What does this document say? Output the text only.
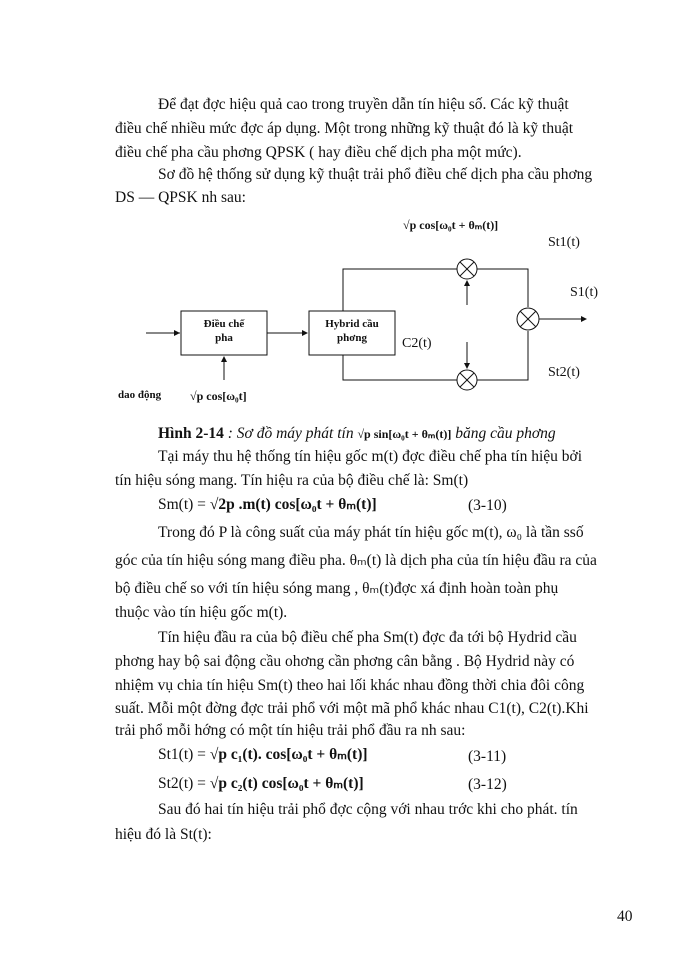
Để đạt đợc hiệu quả cao trong truyền dẫn tín hiệu số. Các kỹ thuật
điều chế nhiều mức đợc áp dụng. Một trong những kỹ thuật đó là kỹ thuật
điều chế pha cầu phơng QPSK ( hay điều chế dịch pha một mức).
Sơ đồ hệ thống sử dụng kỹ thuật trải phổ điều chế dịch pha cầu phơng
DS — QPSK nh sau:
√p cos[ω₀t + θₘ(t)]
Điều chế
pha
dao động √p cos[ω₀t]
Hybrid cầu
phơng	C2(t)
St1(t)
S1(t)
St2(t)
Hình 2-14 : Sơ đồ máy phát tín √p sin[ω₀t + θₘ(t)] băng cầu phơng
Tại máy thu hệ thống tín hiệu gốc m(t) đợc điều chế pha tín hiệu bởi
tín hiệu sóng mang. Tín hiệu ra của bộ điều chế là: Sm(t)
Sm(t) = √2p .m(t) cos[ω₀t + θₘ(t)]	(3-10)
Trong đó P là công suất của máy phát tín hiệu gốc m(t), ω₀ là tần ssố
góc của tín hiệu sóng mang điều pha. θₘ(t) là dịch pha của tín hiệu đầu ra của
bộ điều chế so với tín hiệu sóng mang , θₘ(t)đợc xá định hoàn toàn phụ
thuộc vào tín hiệu gốc m(t).
Tín hiệu đầu ra của bộ điều chế pha Sm(t) đợc đa tới bộ Hydrid cầu
phơng hay bộ sai động cầu ohơng cần phơng cân bằng . Bộ Hydrid này có
nhiệm vụ chia tín hiệu Sm(t) theo hai lối khác nhau đồng thời chia đôi công
suất. Mỗi một đờng đợc trải phổ với một mã phổ khác nhau C1(t), C2(t).Khi
trải phổ mỗi hớng có một tín hiệu trải phổ đầu ra nh sau:
St1(t) = √p c₁(t). cos[ω₀t + θₘ(t)]	(3-11)
St2(t) = √p c₂(t) cos[ω₀t + θₘ(t)]	(3-12)
Sau đó hai tín hiệu trải phổ đợc cộng với nhau trớc khi cho phát. tín
hiệu đó là St(t):
40
